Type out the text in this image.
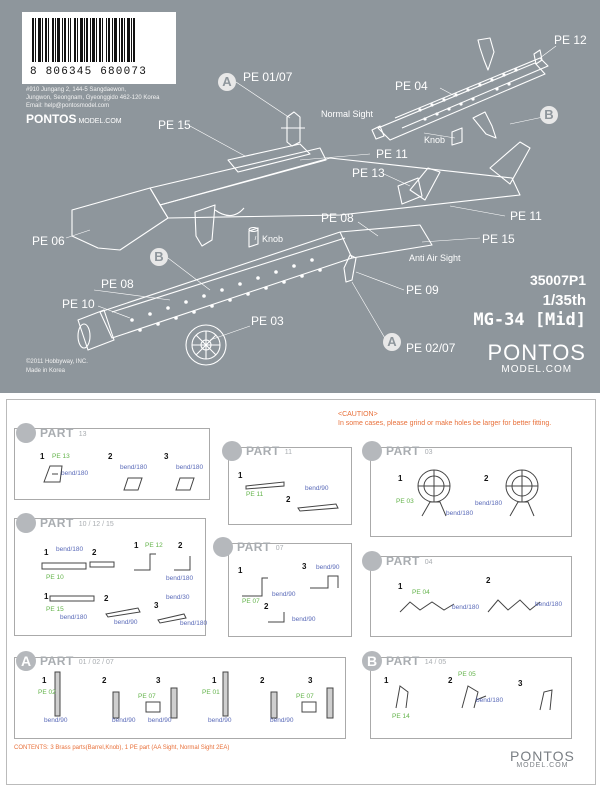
8 806345 680073
#910 Jungang 2, 144-5 Sangdaewon,
Jungwon, Seongnam, Gyeonggido 462-120 Korea
Email: help@pontosmodel.com
PONTOS MODEL.COM
PE 12
A PE 01/07
Normal Sight
PE 04
B
PE 15
Knob
PE 11
PE 13
PE 08	PE 11
PE 06	Knob	PE 15
B	Anti Air Sight
PE 08	PE 09
PE 10
PE 03
A PE 02/07
35007P1
1/35th
MG-34 [Mid]
PONTOS
MODEL.COM
©2011 Hobbyway, INC.
Made in Korea
<CAUTION>
In some cases, please grind or make holes be larger for better fitting.
PART 13
1 PE 13
bend/180
2
bend/180
3
bend/180
PART 11
1
PE 11
2
bend/90
PART 03
1
PE 03
bend/180
2
bend/180
PART 10 / 12 / 15
1 bend/180
PE 10
2
1 PE 12 2
bend/180
1
PE 15
bend/180
2
bend/90
3
bend/30
bend/180
PART 07
1
PE 07
bend/90
2
bend/90
3 bend/90	PART 04
1
PE 04
bend/180
2
bend/180
A PART 01 / 02 / 07
1
PE 02
bend/90
2
bend/90
3
PE 07
bend/90
1
PE 01
bend/90
2
bend/90
3
PE 07
B PART 14 / 05
1
PE 14
2
PE 05
bend/180
3
CONTENTS: 3 Brass parts(Barrel,Knob), 1 PE part (AA Sight, Normal Sight 2EA)	PONTOS
MODEL.COM
